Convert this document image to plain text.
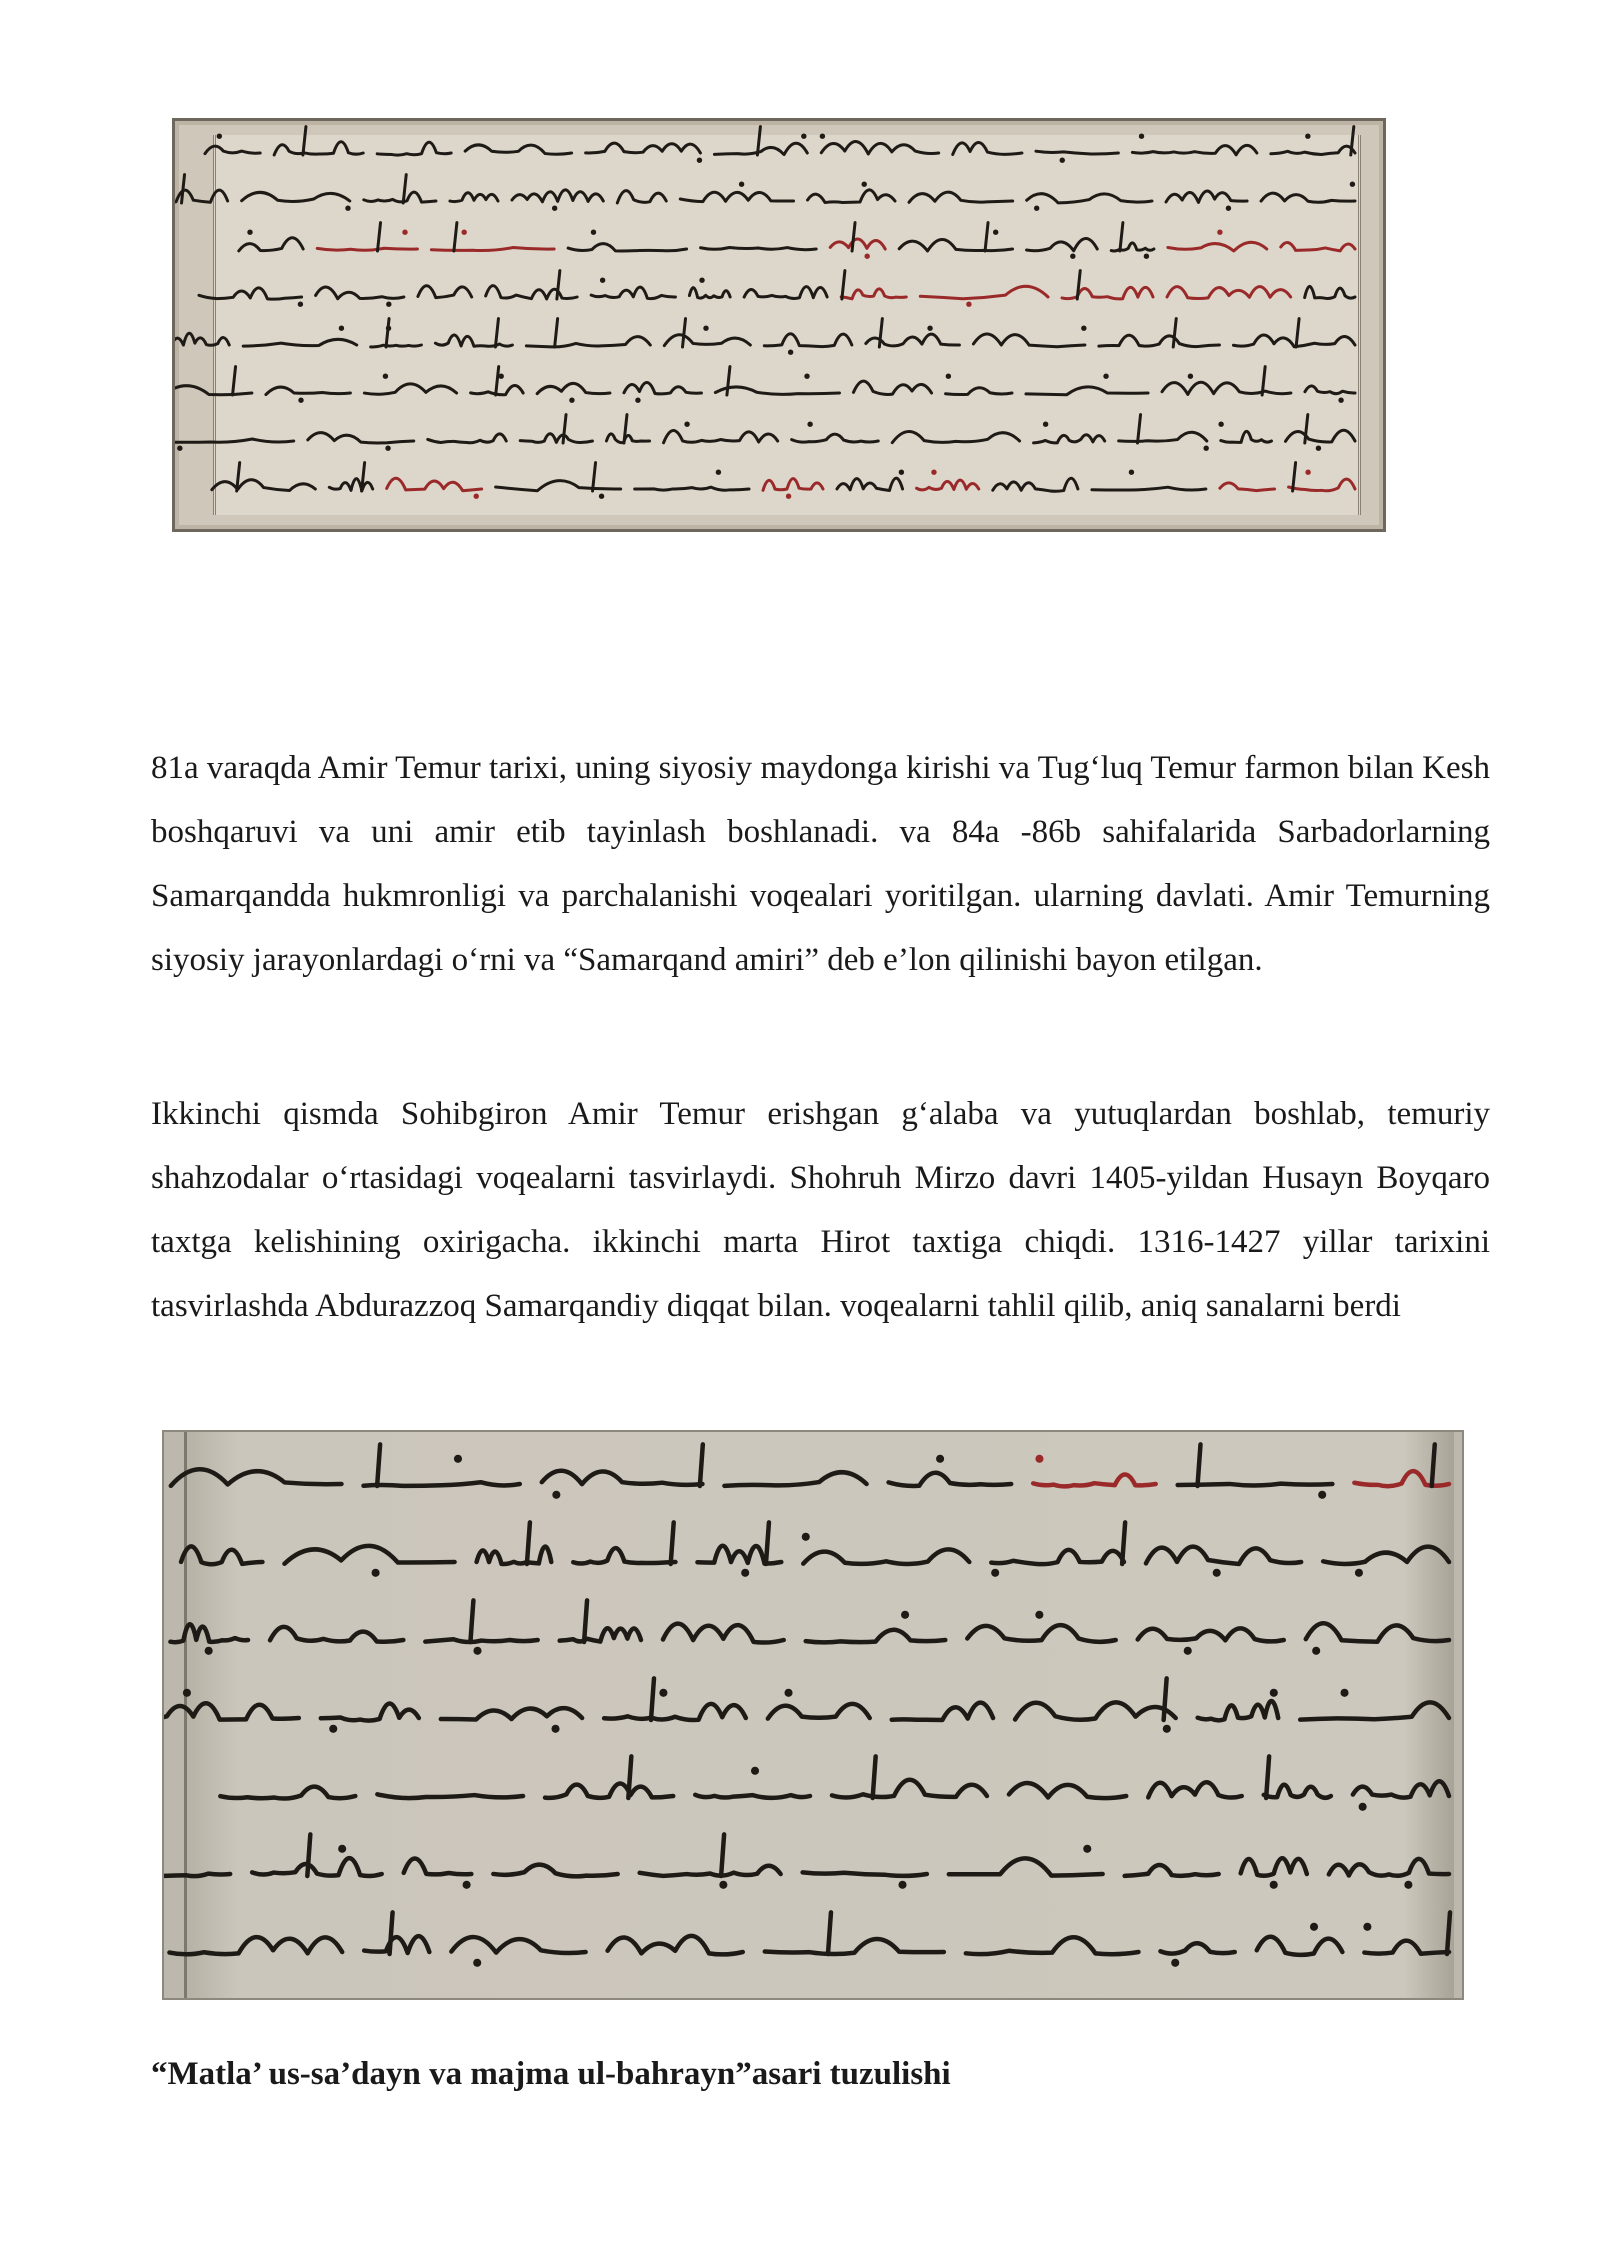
81a varaqda Amir Temur tarixi, uning siyosiy maydonga kirishi va Tug‘luq Temur farmon bilan Kesh boshqaruvi va uni amir etib tayinlash boshlanadi. va 84a -86b sahifalarida Sarbadorlarning Samarqandda hukmronligi va parchalanishi voqealari yoritilgan. ularning davlati. Amir Temurning siyosiy jarayonlardagi o‘rni va “Samarqand amiri” deb e’lon qilinishi bayon etilgan.

Ikkinchi qismda Sohibgiron Amir Temur erishgan g‘alaba va yutuqlardan boshlab, temuriy shahzodalar o‘rtasidagi voqealarni tasvirlaydi. Shohruh Mirzo davri 1405-yildan Husayn Boyqaro taxtga kelishining oxirigacha. ikkinchi marta Hirot taxtiga chiqdi. 1316-1427 yillar tarixini tasvirlashda Abdurazzoq Samarqandiy diqqat bilan. voqealarni tahlil qilib, aniq sanalarni berdi

“Matla’ us-sa’dayn va majma ul-bahrayn”asari tuzulishi
